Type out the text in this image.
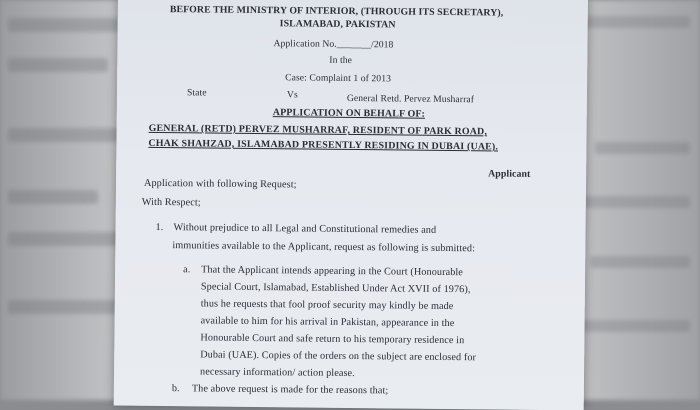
BEFORE THE MINISTRY OF INTERIOR, (THROUGH ITS SECRETARY),
ISLAMABAD, PAKISTAN
Application No._______/2018
In the
Case: Complaint 1 of 2013
State	Vs	General Retd. Pervez Musharraf
APPLICATION ON BEHALF OF:
GENERAL (RETD) PERVEZ MUSHARRAF, RESIDENT OF PARK ROAD,
CHAK SHAHZAD, ISLAMABAD PRESENTLY RESIDING IN DUBAI (UAE).
Applicant
Application with following Request;
With Respect;
1. Without prejudice to all Legal and Constitutional remedies and
immunities available to the Applicant, request as following is submitted:
a. That the Applicant intends appearing in the Court (Honourable
Special Court, Islamabad, Established Under Act XVII of 1976),
thus he requests that fool proof security may kindly be made
available to him for his arrival in Pakistan, appearance in the
Honourable Court and safe return to his temporary residence in
Dubai (UAE). Copies of the orders on the subject are enclosed for
necessary information/ action please.
b. The above request is made for the reasons that;
